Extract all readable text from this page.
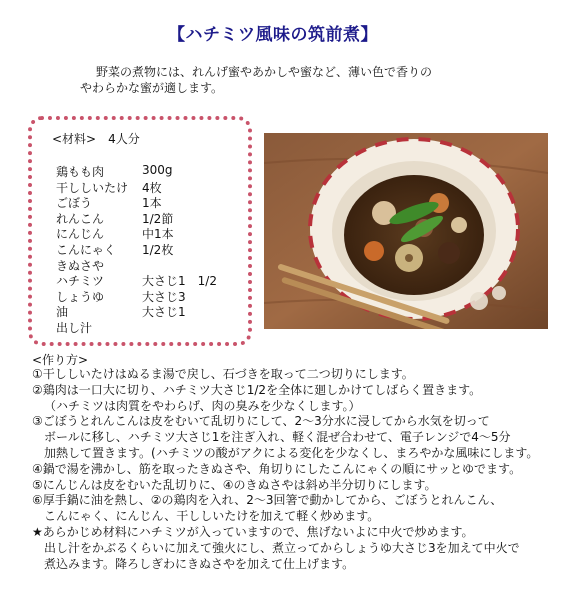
【ハチミツ風味の筑前煮】
野菜の煮物には、れんげ蜜やあかしや蜜など、薄い色で香りの
やわらかな蜜が適します。
<材料>　4人分
鶏もも肉	300g
干ししいたけ 4枚
ごぼう	1本
れんこん	1/2節
にんじん	中1本
こんにゃく 1/2枚
きぬさや
ハチミツ	大さじ1　1/2
しょうゆ	大さじ3
油	大さじ1
出し汁
<作り方>
①干ししいたけはぬるま湯で戻し、石づきを取って二つ切りにします。
②鶏肉は一口大に切り、ハチミツ大さじ1/2を全体に廻しかけてしばらく置きます。
（ハチミツは肉質をやわらげ、肉の臭みを少なくします。）
③ごぼうとれんこんは皮をむいて乱切りにして、2～3分水に浸してから水気を切って
ボールに移し、ハチミツ大さじ1を注ぎ入れ、軽く混ぜ合わせて、電子レンジで4～5分
加熱して置きます。(ハチミツの酸がアクによる変化を少なくし、まろやかな風味にします。
④鍋で湯を沸かし、筋を取ったきぬさや、角切りにしたこんにゃくの順にサッとゆでます。
⑤にんじんは皮をむいた乱切りに、④のきぬさやは斜め半分切りにします。
⑥厚手鍋に油を熱し、②の鶏肉を入れ、2～3回箸で動かしてから、ごぼうとれんこん、
こんにゃく、にんじん、干ししいたけを加えて軽く炒めます。
★あらかじめ材料にハチミツが入っていますので、焦げないよに中火で炒めます。
出し汁をかぶるくらいに加えて強火にし、煮立ってからしょうゆ大さじ3を加えて中火で
煮込みます。降ろしぎわにきぬさやを加えて仕上げます。
